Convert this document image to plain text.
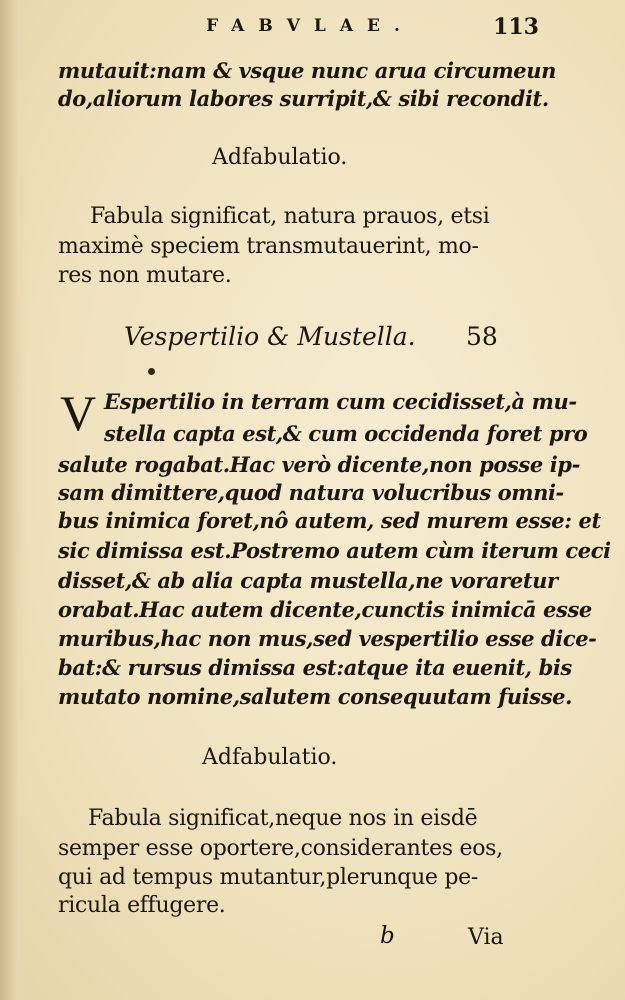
FABVLAE.	113
mutauit:nam & vsque nunc arua circumeun
do,aliorum labores surripit,& sibi recondit.
Adfabulatio.
Fabula significat, natura prauos, etsi
maximè speciem transmutauerint, mo-
res non mutare.
Vespertilio & Mustella. 58
V Espertilio in terram cum cecidisset,à mu-
stella capta est,& cum occidenda foret pro
salute rogabat.Hac verò dicente,non posse ip-
sam dimittere,quod natura volucribus omni-
bus inimica foret,nô autem, sed murem esse: et
sic dimissa est.Postremo autem cùm iterum ceci
disset,& ab alia capta mustella,ne voraretur
orabat.Hac autem dicente,cunctis inimicā esse
muribus,hac non mus,sed vespertilio esse dice-
bat:& rursus dimissa est:atque ita euenit, bis
mutato nomine,salutem consequutam fuisse.
Adfabulatio.
Fabula significat,neque nos in eisdē
semper esse oportere,considerantes eos,
qui ad tempus mutantur,plerunque pe-
ricula effugere.
b	Via
